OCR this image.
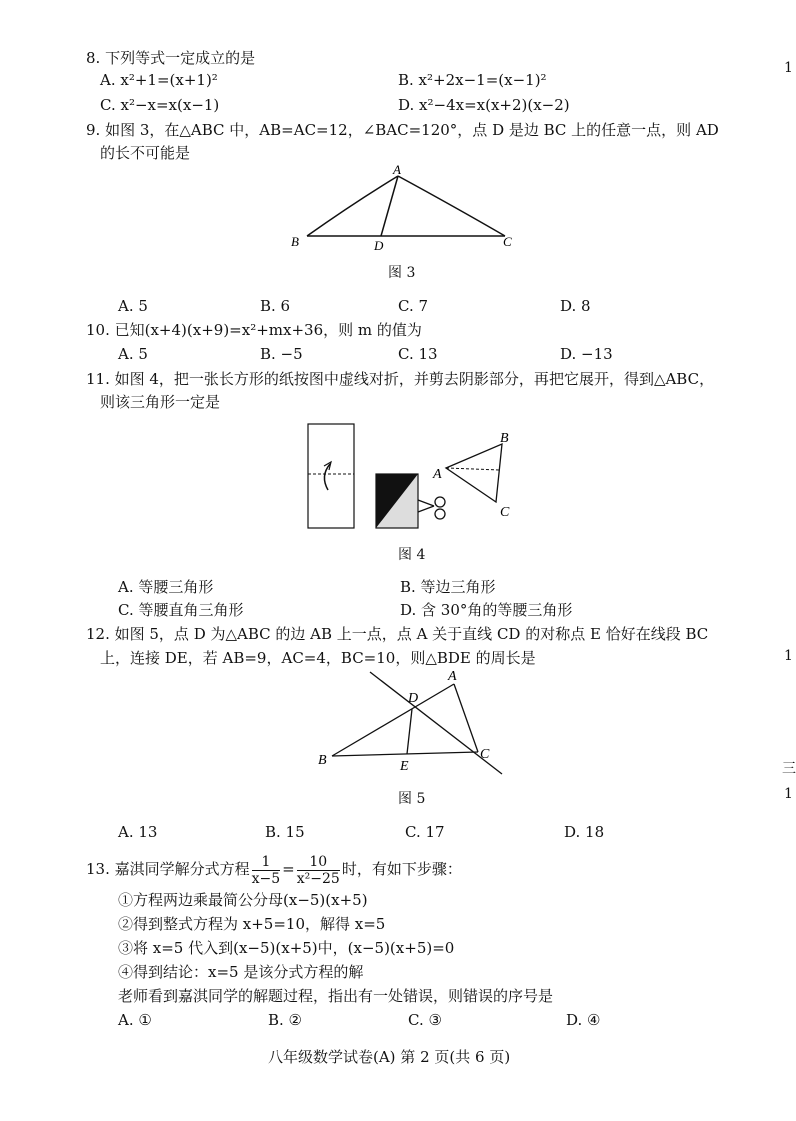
8. 下列等式一定成立的是
A. x²+1=(x+1)²	B. x²+2x−1=(x−1)²
C. x²−x=x(x−1)	D. x²−4x=x(x+2)(x−2)
9. 如图 3，在△ABC 中，AB=AC=12，∠BAC=120°，点 D 是边 BC 上的任意一点，则 AD
的长不可能是
A
B	C
D
图 3
A. 5	B. 6	C. 7	D. 8
10. 已知(x+4)(x+9)=x²+mx+36，则 m 的值为
A. 5	B. −5	C. 13	D. −13
11. 如图 4，把一张长方形的纸按图中虚线对折，并剪去阴影部分，再把它展开，得到△ABC，
则该三角形一定是
A
B
C
图 4
A. 等腰三角形	B. 等边三角形
C. 等腰直角三角形	D. 含 30°角的等腰三角形
12. 如图 5，点 D 为△ABC 的边 AB 上一点，点 A 关于直线 CD 的对称点 E 恰好在线段 BC
上，连接 DE，若 AB=9，AC=4，BC=10，则△BDE 的周长是
A
B	C
D
E
图 5
A. 13	B. 15	C. 17	D. 18
13. 嘉淇同学解分式方程 $\frac{1}{x-5} = \frac{10}{\text{x²−25}}$ 时，有如下步骤：
①方程两边乘最简公分母(x−5)(x+5)
②得到整式方程为 x+5=10，解得 x=5
③将 x=5 代入到(x−5)(x+5)中，(x−5)(x+5)=0
④得到结论：x=5 是该分式方程的解
老师看到嘉淇同学的解题过程，指出有一处错误，则错误的序号是
A. ①	B. ②	C. ③	D. ④
1
1
三
1
八年级数学试卷(A) 第 2 页(共 6 页)
